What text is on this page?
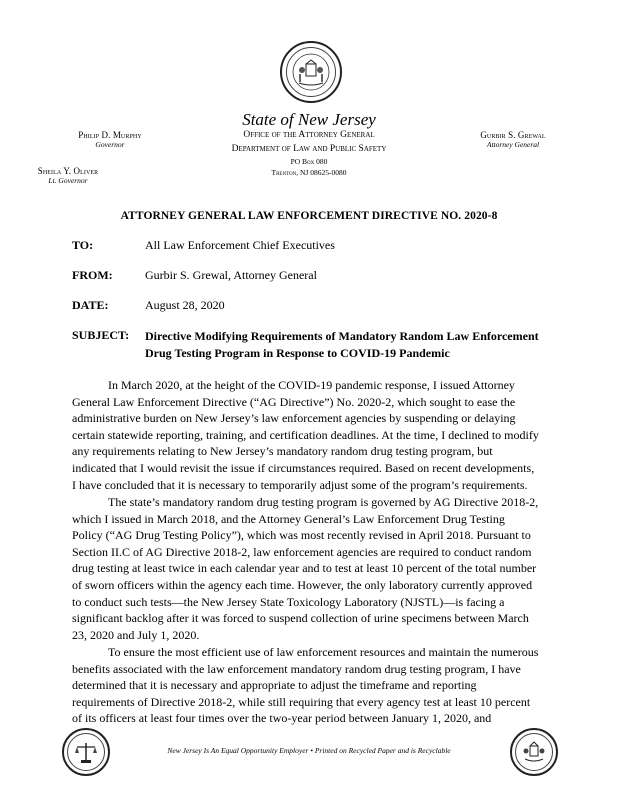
State of New Jersey
Office of the Attorney General
Department of Law and Public Safety
PO Box 080
Trenton, NJ 08625-0080
Philip D. Murphy
Governor
Sheila Y. Oliver
Lt. Governor
Gurbir S. Grewal
Attorney General
ATTORNEY GENERAL LAW ENFORCEMENT DIRECTIVE NO. 2020-8
TO:	All Law Enforcement Chief Executives
FROM:	Gurbir S. Grewal, Attorney General
DATE:	August 28, 2020
SUBJECT: Directive Modifying Requirements of Mandatory Random Law Enforcement
Drug Testing Program in Response to COVID-19 Pandemic
In March 2020, at the height of the COVID-19 pandemic response, I issued Attorney
General Law Enforcement Directive (“AG Directive”) No. 2020-2, which sought to ease the
administrative burden on New Jersey’s law enforcement agencies by suspending or delaying
certain statewide reporting, training, and certification deadlines. At the time, I declined to modify
any requirements relating to New Jersey’s mandatory random drug testing program, but
indicated that I would revisit the issue if circumstances required. Based on recent developments,
I have concluded that it is necessary to temporarily adjust some of the program’s requirements.
The state’s mandatory random drug testing program is governed by AG Directive 2018-2,
which I issued in March 2018, and the Attorney General’s Law Enforcement Drug Testing
Policy (“AG Drug Testing Policy”), which was most recently revised in April 2018. Pursuant to
Section II.C of AG Directive 2018-2, law enforcement agencies are required to conduct random
drug testing at least twice in each calendar year and to test at least 10 percent of the total number
of sworn officers within the agency each time. However, the only laboratory currently approved
to conduct such tests—the New Jersey State Toxicology Laboratory (NJSTL)—is facing a
significant backlog after it was forced to suspend collection of urine specimens between March
23, 2020 and July 1, 2020.
To ensure the most efficient use of law enforcement resources and maintain the numerous
benefits associated with the law enforcement mandatory random drug testing program, I have
determined that it is necessary and appropriate to adjust the timeframe and reporting
requirements of Directive 2018-2, while still requiring that every agency test at least 10 percent
of its officers at least four times over the two-year period between January 1, 2020, and
New Jersey Is An Equal Opportunity Employer • Printed on Recycled Paper and is Recyclable
